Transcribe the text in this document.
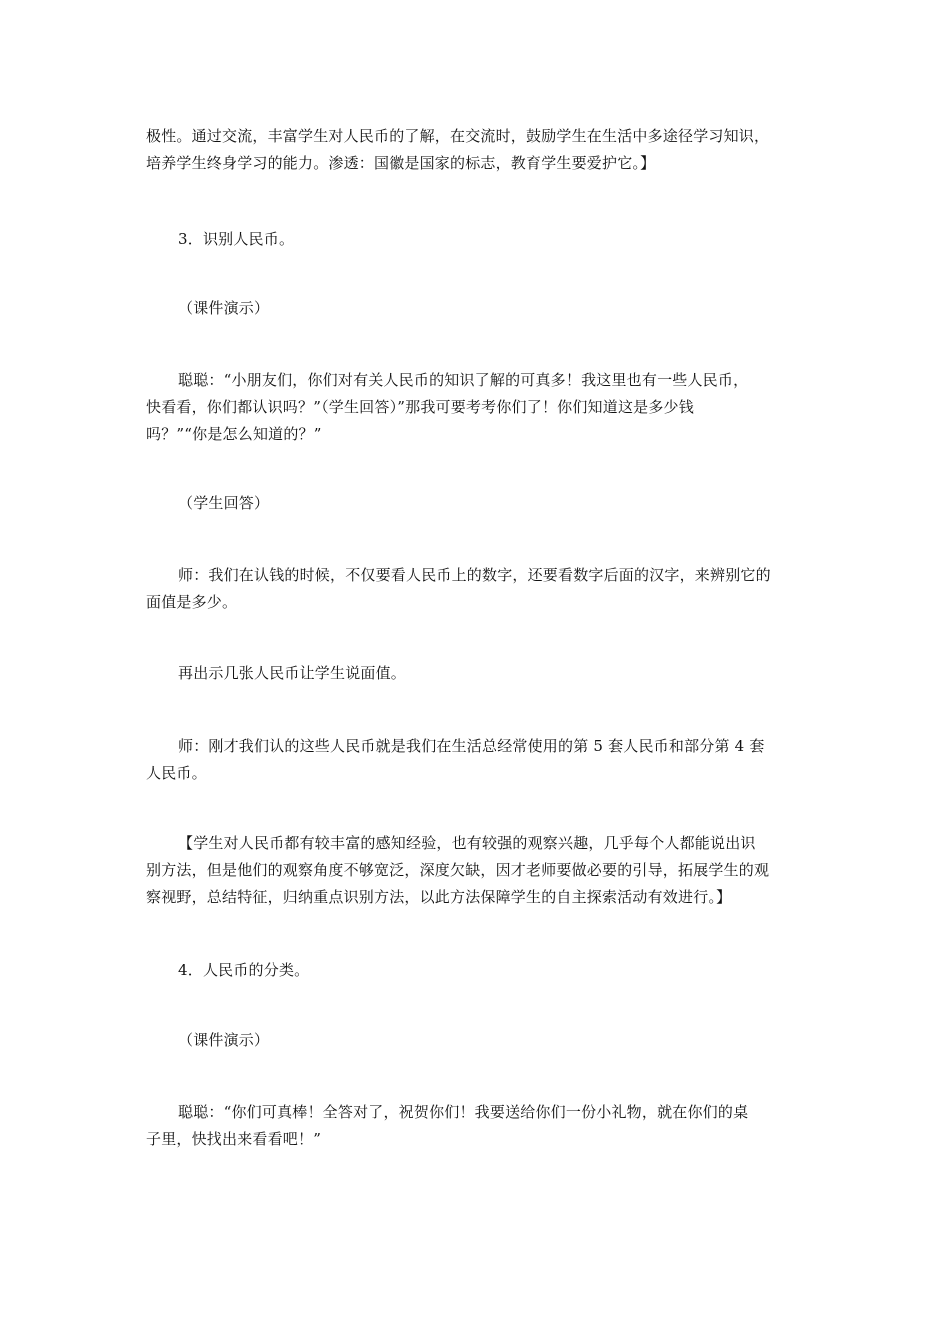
极性。通过交流，丰富学生对人民币的了解，在交流时，鼓励学生在生活中多途径学习知识，
培养学生终身学习的能力。渗透：国徽是国家的标志，教育学生要爱护它。】

3．识别人民币。

（课件演示）

聪聪：“小朋友们，你们对有关人民币的知识了解的可真多！我这里也有一些人民币，
快看看，你们都认识吗？”（学生回答）”那我可要考考你们了！你们知道这是多少钱
吗？”“你是怎么知道的？”

（学生回答）

师：我们在认钱的时候，不仅要看人民币上的数字，还要看数字后面的汉字，来辨别它的
面值是多少。

再出示几张人民币让学生说面值。

师：刚才我们认的这些人民币就是我们在生活总经常使用的第 5 套人民币和部分第 4 套
人民币。

【学生对人民币都有较丰富的感知经验，也有较强的观察兴趣，几乎每个人都能说出识
别方法，但是他们的观察角度不够宽泛，深度欠缺，因才老师要做必要的引导，拓展学生的观
察视野，总结特征，归纳重点识别方法，以此方法保障学生的自主探索活动有效进行。】

4．人民币的分类。

（课件演示）

聪聪：“你们可真棒！全答对了，祝贺你们！我要送给你们一份小礼物，就在你们的桌
子里，快找出来看看吧！”
